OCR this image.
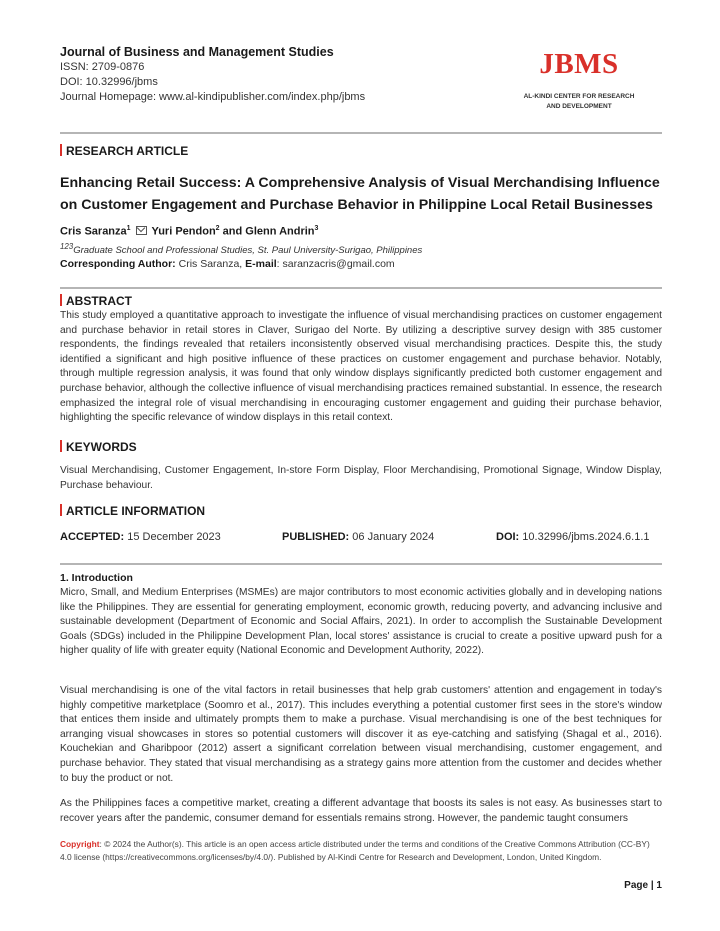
Journal of Business and Management Studies
ISSN: 2709-0876
DOI: 10.32996/jbms
Journal Homepage: www.al-kindipublisher.com/index.php/jbms
JBMS
AL-KINDI CENTER FOR RESEARCH
AND DEVELOPMENT
RESEARCH ARTICLE
Enhancing Retail Success: A Comprehensive Analysis of Visual Merchandising Influence
on Customer Engagement and Purchase Behavior in Philippine Local Retail Businesses
Cris Saranza$^1$ Yuri Pendon$^2$ and Glenn Andrin$^3$
$^{123}$Graduate School and Professional Studies, St. Paul University-Surigao, Philippines
Corresponding Author: Cris Saranza, E-mail: saranzacris@gmail.com
ABSTRACT
This study employed a quantitative approach to investigate the influence of visual merchandising practices on customer engagement and purchase behavior in retail stores in Claver, Surigao del Norte. By utilizing a descriptive survey design with 385 customer respondents, the findings revealed that retailers inconsistently observed visual merchandising practices. Despite this, the study identified a significant and high positive influence of these practices on customer engagement and purchase behavior. Notably, through multiple regression analysis, it was found that only window displays significantly predicted both customer engagement and purchase behavior, although the collective influence of visual merchandising practices remained substantial. In essence, the research emphasized the integral role of visual merchandising in encouraging customer engagement and guiding their purchase behavior, highlighting the specific relevance of window displays in this retail context.
KEYWORDS
Visual Merchandising, Customer Engagement, In-store Form Display, Floor Merchandising, Promotional Signage, Window Display, Purchase behaviour.
ARTICLE INFORMATION
ACCEPTED: 15 December 2023	PUBLISHED: 06 January 2024	DOI: 10.32996/jbms.2024.6.1.1
1. Introduction
Micro, Small, and Medium Enterprises (MSMEs) are major contributors to most economic activities globally and in developing nations like the Philippines. They are essential for generating employment, economic growth, reducing poverty, and advancing inclusive and sustainable development (Department of Economic and Social Affairs, 2021). In order to accomplish the Sustainable Development Goals (SDGs) included in the Philippine Development Plan, local stores' assistance is crucial to create a positive upward push for a higher quality of life with greater equity (National Economic and Development Authority, 2022).
Visual merchandising is one of the vital factors in retail businesses that help grab customers' attention and engagement in today's highly competitive marketplace (Soomro et al., 2017). This includes everything a potential customer first sees in the store's window that entices them inside and ultimately prompts them to make a purchase. Visual merchandising is one of the best techniques for arranging visual showcases in stores so potential customers will discover it as eye-catching and satisfying (Shagal et al., 2016). Kouchekian and Gharibpoor (2012) assert a significant correlation between visual merchandising, customer engagement, and purchase behavior. They stated that visual merchandising as a strategy gains more attention from the customer and decides whether to buy the product or not.
As the Philippines faces a competitive market, creating a different advantage that boosts its sales is not easy. As businesses start to recover years after the pandemic, consumer demand for essentials remains strong. However, the pandemic taught consumers
Copyright: © 2024 the Author(s). This article is an open access article distributed under the terms and conditions of the Creative Commons Attribution (CC-BY) 4.0 license (https://creativecommons.org/licenses/by/4.0/). Published by Al-Kindi Centre for Research and Development, London, United Kingdom.
Page | 1
